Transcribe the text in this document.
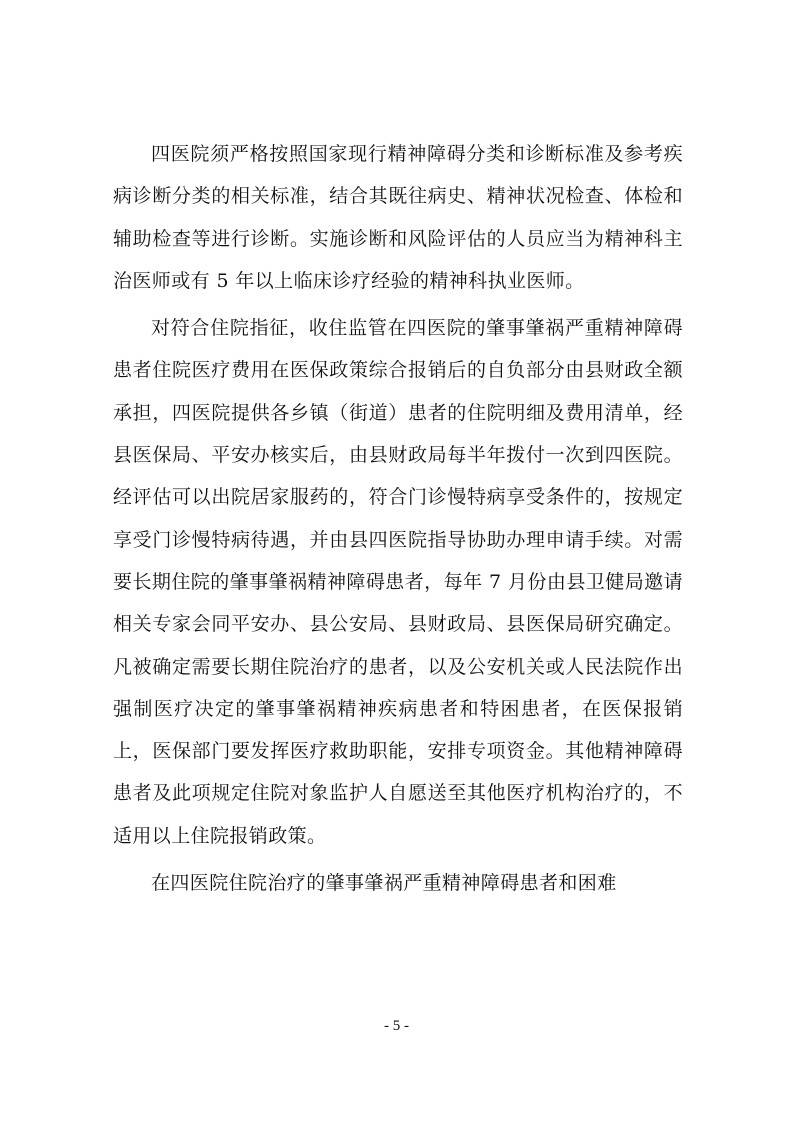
四医院须严格按照国家现行精神障碍分类和诊断标准及参考疾病诊断分类的相关标准，结合其既往病史、精神状况检查、体检和辅助检查等进行诊断。实施诊断和风险评估的人员应当为精神科主治医师或有 5 年以上临床诊疗经验的精神科执业医师。

对符合住院指征，收住监管在四医院的肇事肇祸严重精神障碍患者住院医疗费用在医保政策综合报销后的自负部分由县财政全额承担，四医院提供各乡镇（街道）患者的住院明细及费用清单，经县医保局、平安办核实后，由县财政局每半年拨付一次到四医院。经评估可以出院居家服药的，符合门诊慢特病享受条件的，按规定享受门诊慢特病待遇，并由县四医院指导协助办理申请手续。对需要长期住院的肇事肇祸精神障碍患者，每年 7 月份由县卫健局邀请相关专家会同平安办、县公安局、县财政局、县医保局研究确定。凡被确定需要长期住院治疗的患者，以及公安机关或人民法院作出强制医疗决定的肇事肇祸精神疾病患者和特困患者，在医保报销上，医保部门要发挥医疗救助职能，安排专项资金。其他精神障碍患者及此项规定住院对象监护人自愿送至其他医疗机构治疗的，不适用以上住院报销政策。

在四医院住院治疗的肇事肇祸严重精神障碍患者和困难

- 5 -
